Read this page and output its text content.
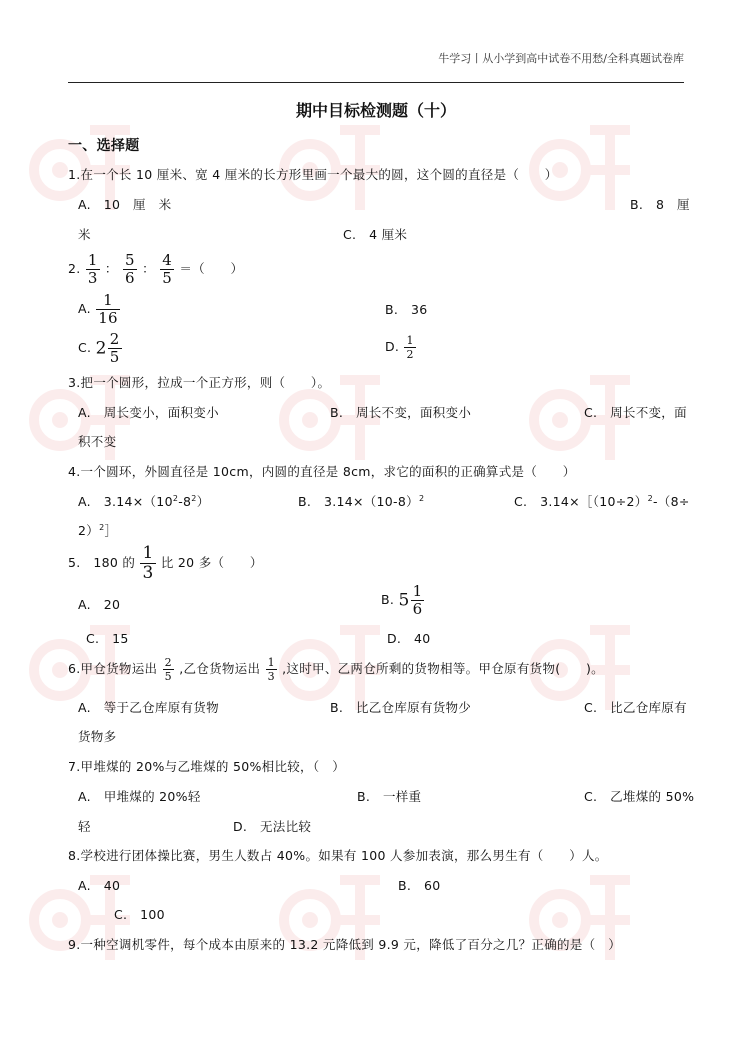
牛学习丨从小学到高中试卷不用愁/全科真题试卷库
期中目标检测题（十）
一、选择题
1.在一个长 10 厘米、宽 4 厘米的长方形里画一个最大的圆，这个圆的直径是（　　）
A.　10　厘　米	B.　8　厘
米	C.　4 厘米
2. $\frac{1}{3}$ ： $\frac{5}{6}$ ： $\frac{4}{5}$ ＝（　　）
A. $\frac{1}{16}$	B.　36
C. $2 \frac{2}{5}$	D. $\frac{1}{2}$
3.把一个圆形，拉成一个正方形，则（　　）。
A.　周长变小，面积变小	B.　周长不变，面积变小	C.　周长不变，面
积不变
4.一个圆环，外圆直径是 10cm，内圆的直径是 8cm，求它的面积的正确算式是（　　）
A.　$3.14\times(10^2-8^2)$	B.　$3.14\times(10-8)^2$	C.　$3.14\times[(10\div 2)^2-(8\div$
2）$^2$］
5.　180 的 $\frac{1}{3}$ 比 20 多（　　）
A.　20	B. $5 \frac{1}{6}$
C.　15	D.　40
6.甲仓货物运出 $\frac{2}{5}$ ,乙仓货物运出 $\frac{1}{3}$ ,这时甲、乙两仓所剩的货物相等。甲仓原有货物(　　)。
A.　等于乙仓库原有货物	B.　比乙仓库原有货物少	C.　比乙仓库原有
货物多
7.甲堆煤的 20%与乙堆煤的 50%相比较，（　）
A.　甲堆煤的 20%轻	B.　一样重	C.　乙堆煤的 50%
轻	D.　无法比较
8.学校进行团体操比赛，男生人数占 40%。如果有 100 人参加表演，那么男生有（　　）人。
A.　40	B.　60
C.　100
9.一种空调机零件，每个成本由原来的 13.2 元降低到 9.9 元，降低了百分之几？正确的是（　）
